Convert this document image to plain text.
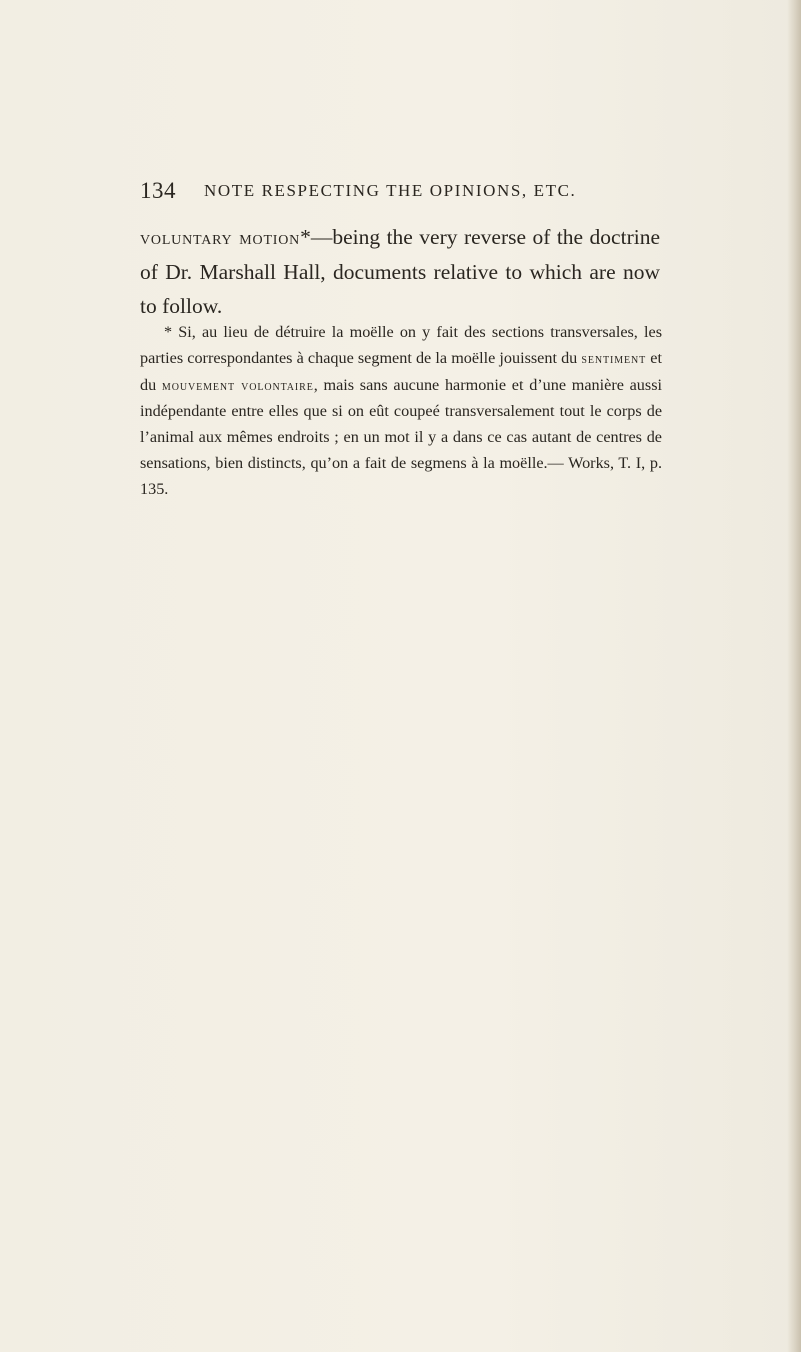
134 NOTE RESPECTING THE OPINIONS, ETC.

voluntary motion*—being the very reverse of the doctrine of Dr. Marshall Hall, documents relative to which are now to follow.

* Si, au lieu de détruire la moëlle on y fait des sections transversales, les parties correspondantes à chaque segment de la moëlle jouissent du sentiment et du mouvement volontaire, mais sans aucune harmonie et d’une manière aussi indépendante entre elles que si on eût coupeé transversalement tout le corps de l’animal aux mêmes endroits ; en un mot il y a dans ce cas autant de centres de sensations, bien distincts, qu’on a fait de segmens à la moëlle.— Works, T. I, p. 135.
